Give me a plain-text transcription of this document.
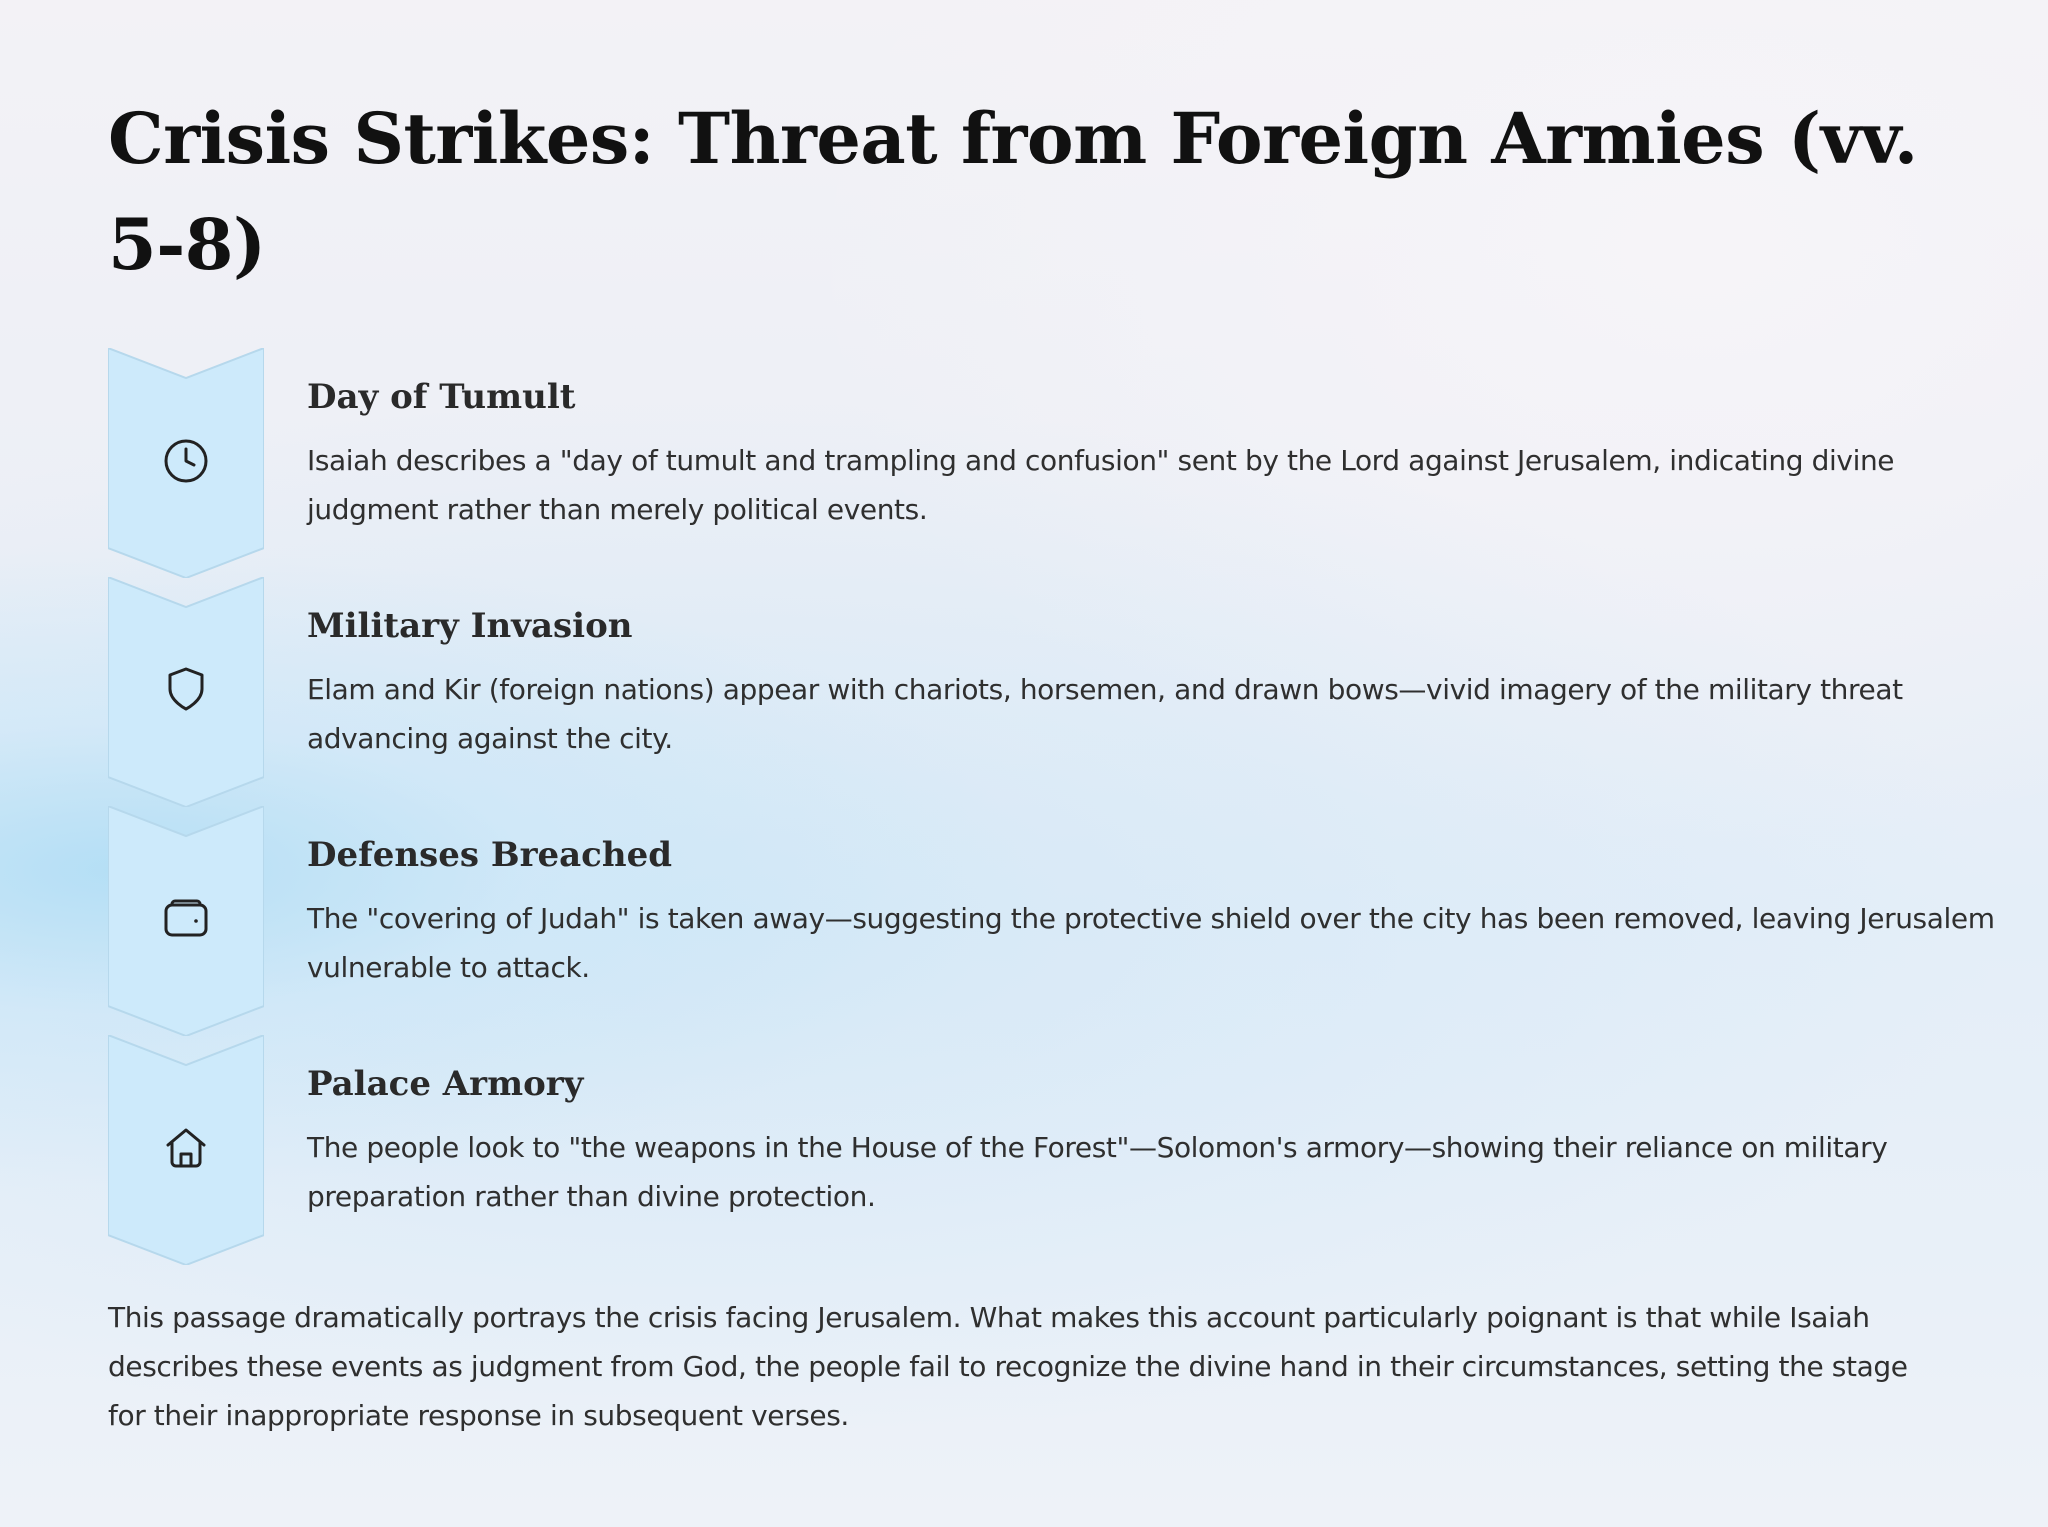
Crisis Strikes: Threat from Foreign Armies (vv. 5-8)
Day of Tumult

Isaiah describes a "day of tumult and trampling and confusion" sent by the Lord against Jerusalem, indicating divine judgment rather than merely political events.

Military Invasion

Elam and Kir (foreign nations) appear with chariots, horsemen, and drawn bows—vivid imagery of the military threat advancing against the city.

Defenses Breached

The "covering of Judah" is taken away—suggesting the protective shield over the city has been removed, leaving Jerusalem vulnerable to attack.

Palace Armory

The people look to "the weapons in the House of the Forest"—Solomon's armory—showing their reliance on military preparation rather than divine protection.

This passage dramatically portrays the crisis facing Jerusalem. What makes this account particularly poignant is that while Isaiah describes these events as judgment from God, the people fail to recognize the divine hand in their circumstances, setting the stage for their inappropriate response in subsequent verses.
